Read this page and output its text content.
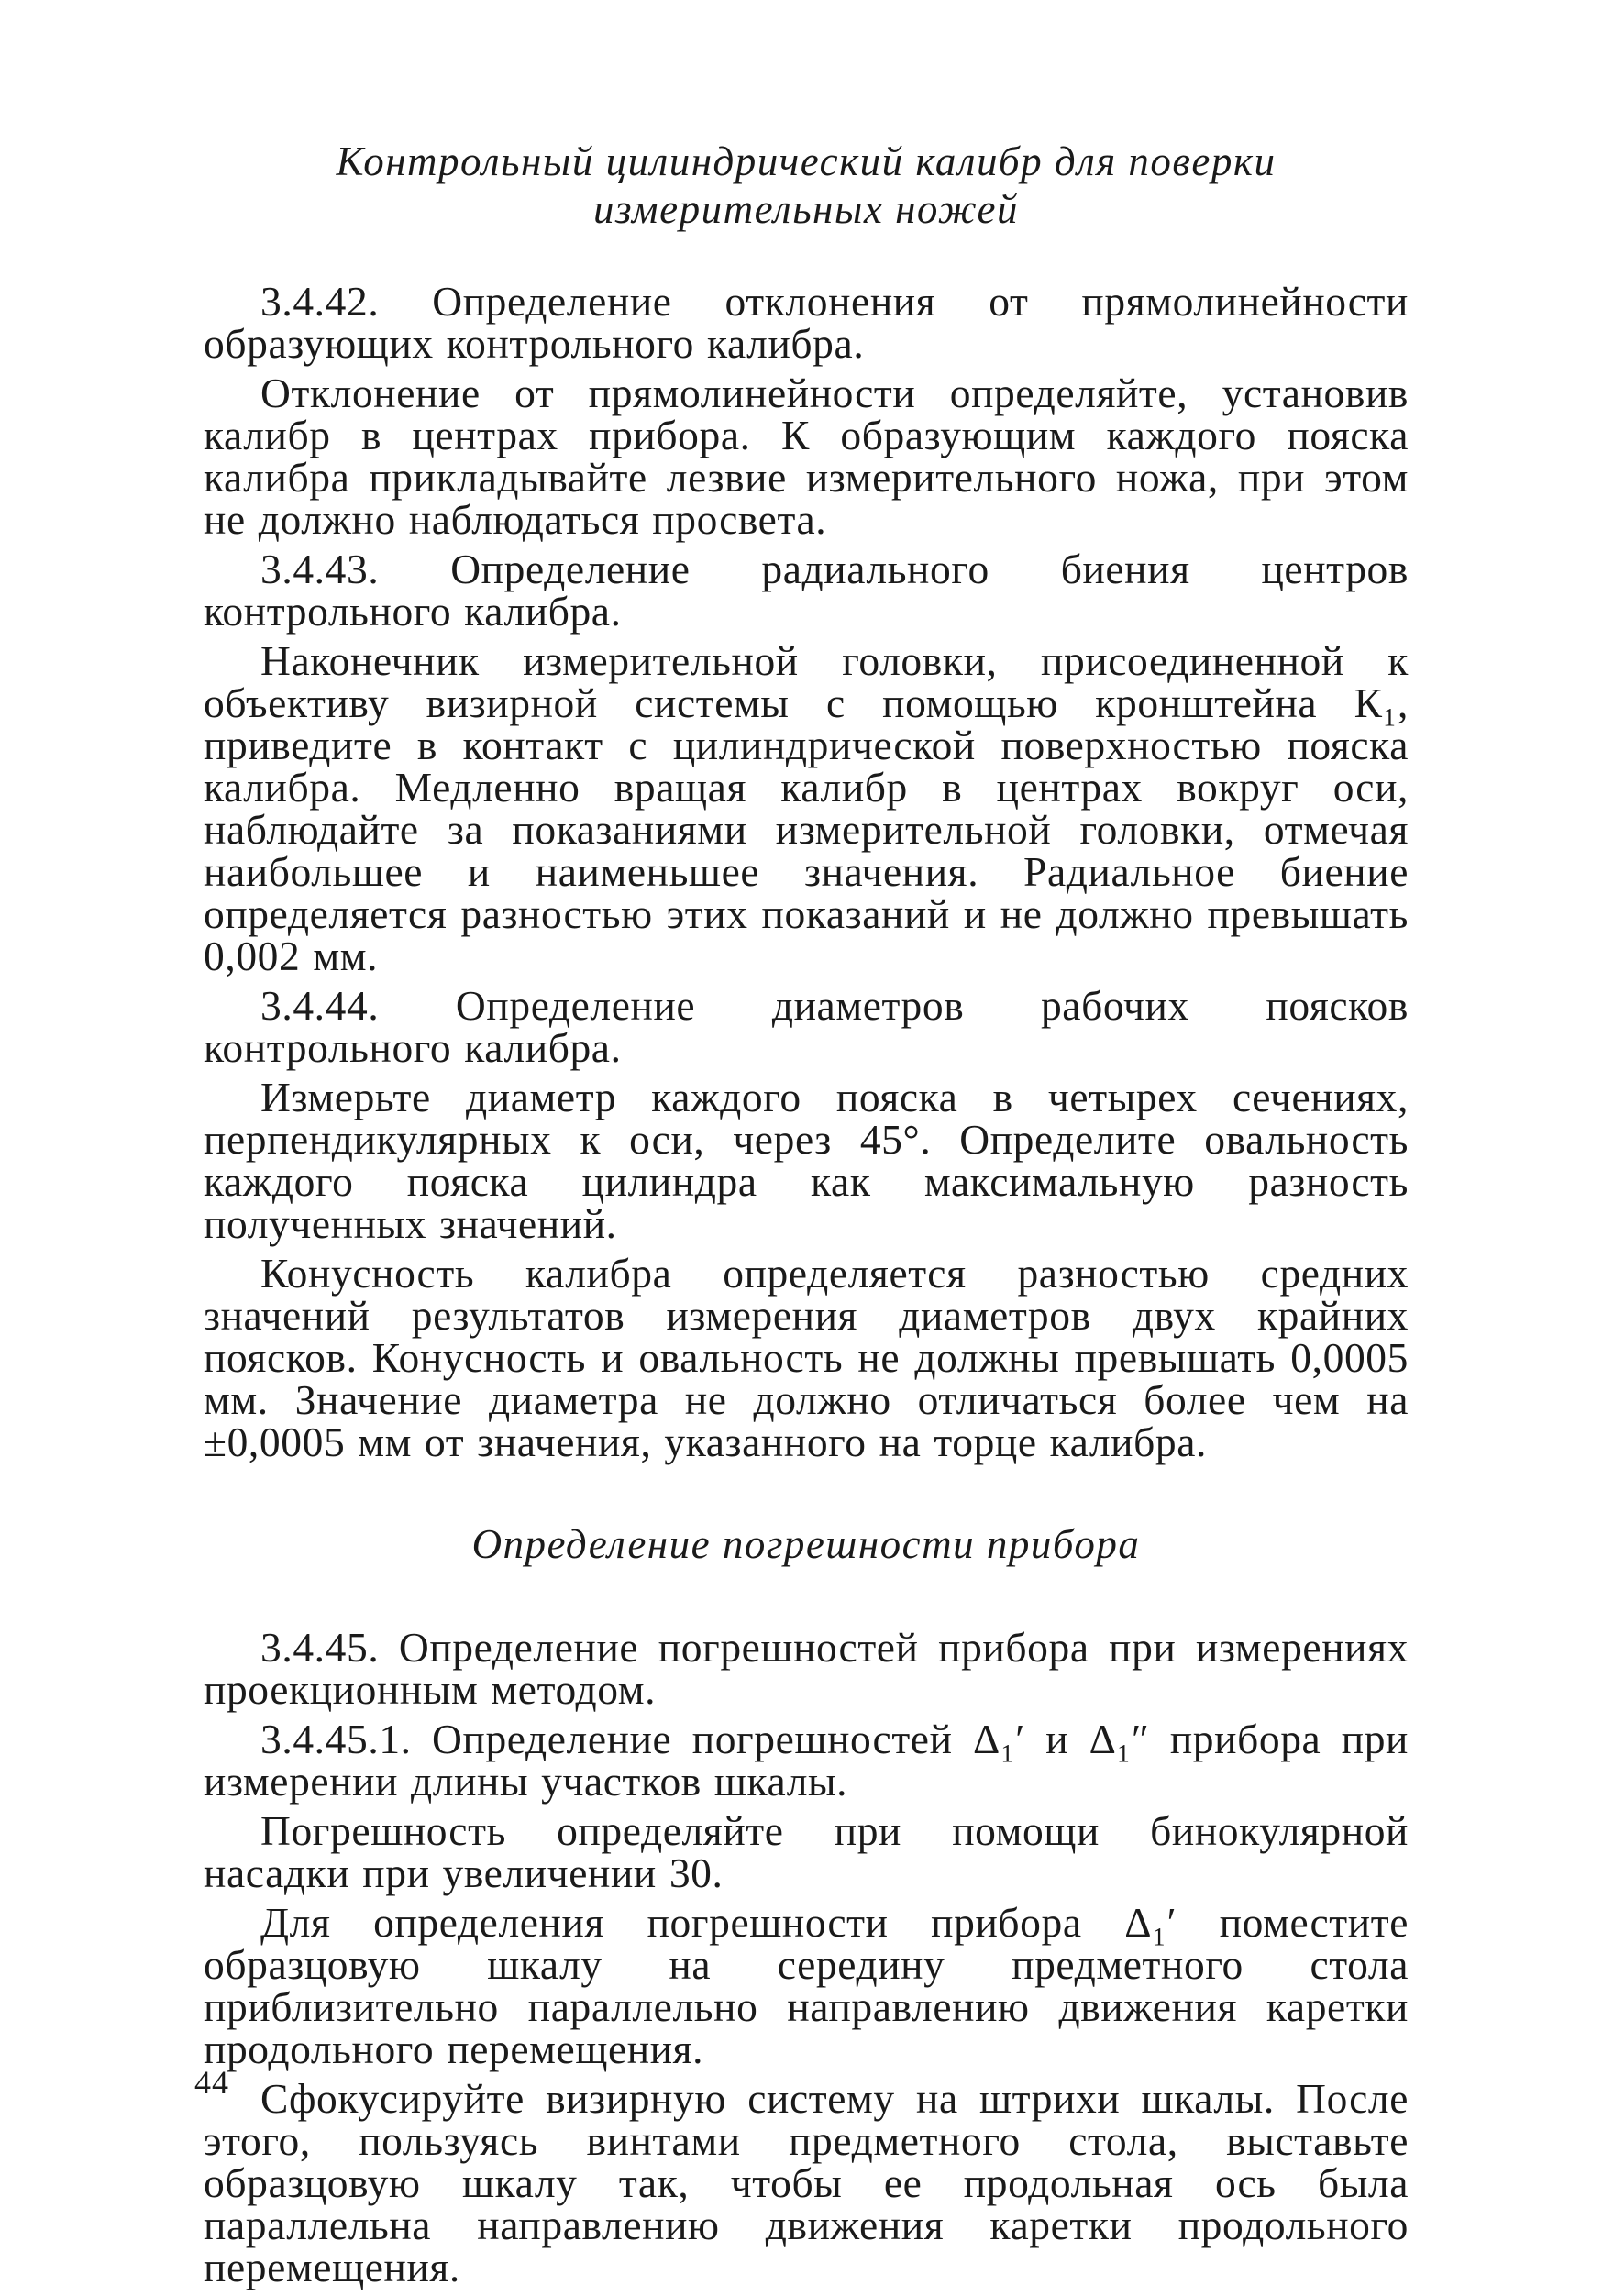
Контрольный цилиндрический калибр для поверки
измерительных ножей

3.4.42. Определение отклонения от прямолинейности образующих контрольного калибра.

Отклонение от прямолинейности определяйте, установив калибр в центрах прибора. К образующим каждого пояска калибра прикладывайте лезвие измерительного ножа, при этом не должно наблюдаться просвета.

3.4.43. Определение радиального биения центров контрольного калибра.

Наконечник измерительной головки, присоединенной к объективу визирной системы с помощью кронштейна К₁, приведите в контакт с цилиндрической поверхностью пояска калибра. Медленно вращая калибр в центрах вокруг оси, наблюдайте за показаниями измерительной головки, отмечая наибольшее и наименьшее значения. Радиальное биение определяется разностью этих показаний и не должно превышать 0,002 мм.

3.4.44. Определение диаметров рабочих поясков контрольного калибра.

Измерьте диаметр каждого пояска в четырех сечениях, перпендикулярных к оси, через 45°. Определите овальность каждого пояска цилиндра как максимальную разность полученных значений.

Конусность калибра определяется разностью средних значений результатов измерения диаметров двух крайних поясков. Конусность и овальность не должны превышать 0,0005 мм. Значение диаметра не должно отличаться более чем на ±0,0005 мм от значения, указанного на торце калибра.

Определение погрешности прибора

3.4.45. Определение погрешностей прибора при измерениях проекционным методом.

3.4.45.1. Определение погрешностей Δ₁′ и Δ₁″ прибора при измерении длины участков шкалы.

Погрешность определяйте при помощи бинокулярной насадки при увеличении 30.

Для определения погрешности прибора Δ₁′ поместите образцовую шкалу на середину предметного стола приблизительно параллельно направлению движения каретки продольного перемещения.

Сфокусируйте визирную систему на штрихи шкалы. После этого, пользуясь винтами предметного стола, выставьте образцовую шкалу так, чтобы ее продольная ось была параллельна направлению движения каретки продольного перемещения.

44
